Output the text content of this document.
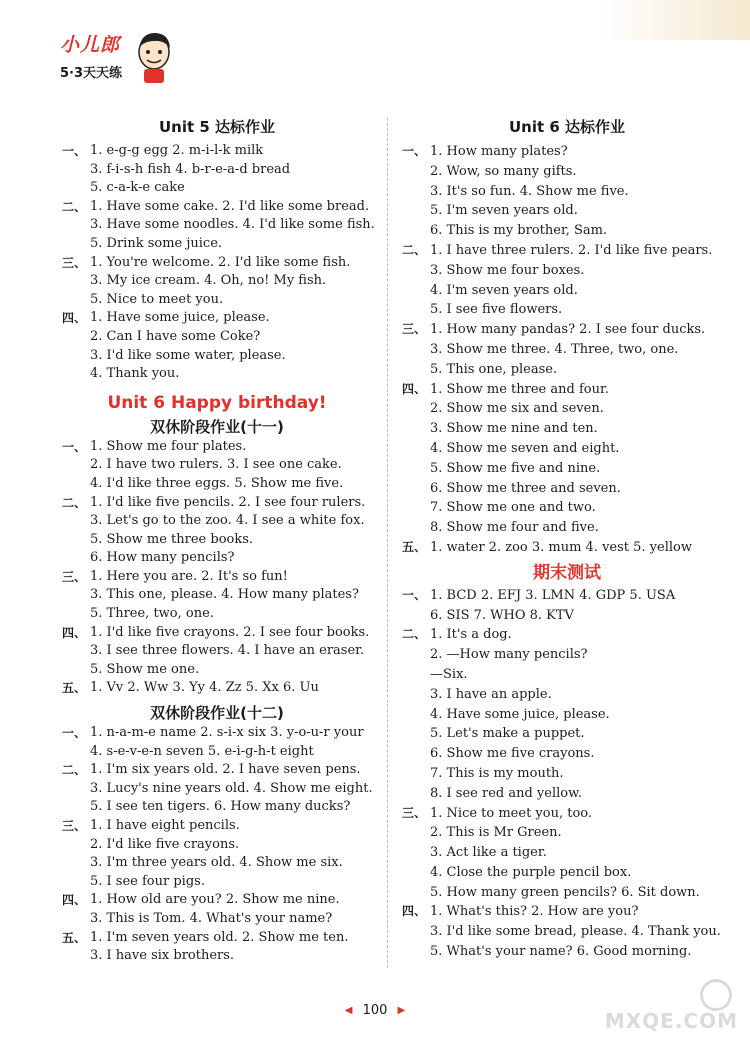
小儿郎
5·3天天练
Unit 5 达标作业
一、 1. e-g-g egg 2. m-i-l-k milk
3. f-i-s-h fish 4. b-r-e-a-d bread
5. c-a-k-e cake
二、 1. Have some cake. 2. I'd like some bread.
3. Have some noodles. 4. I'd like some fish.
5. Drink some juice.
三、 1. You're welcome. 2. I'd like some fish.
3. My ice cream. 4. Oh, no! My fish.
5. Nice to meet you.
四、 1. Have some juice, please.
2. Can I have some Coke?
3. I'd like some water, please.
4. Thank you.
Unit 6 Happy birthday!
双休阶段作业(十一)
一、 1. Show me four plates.
2. I have two rulers. 3. I see one cake.
4. I'd like three eggs. 5. Show me five.
二、 1. I'd like five pencils. 2. I see four rulers.
3. Let's go to the zoo. 4. I see a white fox.
5. Show me three books.
6. How many pencils?
三、 1. Here you are. 2. It's so fun!
3. This one, please. 4. How many plates?
5. Three, two, one.
四、 1. I'd like five crayons. 2. I see four books.
3. I see three flowers. 4. I have an eraser.
5. Show me one.
五、 1. Vv 2. Ww 3. Yy 4. Zz 5. Xx 6. Uu
双休阶段作业(十二)
一、 1. n-a-m-e name 2. s-i-x six 3. y-o-u-r your
4. s-e-v-e-n seven 5. e-i-g-h-t eight
二、 1. I'm six years old. 2. I have seven pens.
3. Lucy's nine years old. 4. Show me eight.
5. I see ten tigers. 6. How many ducks?
三、 1. I have eight pencils.
2. I'd like five crayons.
3. I'm three years old. 4. Show me six.
5. I see four pigs.
四、 1. How old are you? 2. Show me nine.
3. This is Tom. 4. What's your name?
五、 1. I'm seven years old. 2. Show me ten.
3. I have six brothers.
Unit 6 达标作业
一、 1. How many plates?
2. Wow, so many gifts.
3. It's so fun. 4. Show me five.
5. I'm seven years old.
6. This is my brother, Sam.
二、 1. I have three rulers. 2. I'd like five pears.
3. Show me four boxes.
4. I'm seven years old.
5. I see five flowers.
三、 1. How many pandas? 2. I see four ducks.
3. Show me three. 4. Three, two, one.
5. This one, please.
四、 1. Show me three and four.
2. Show me six and seven.
3. Show me nine and ten.
4. Show me seven and eight.
5. Show me five and nine.
6. Show me three and seven.
7. Show me one and two.
8. Show me four and five.
五、 1. water 2. zoo 3. mum 4. vest 5. yellow
期末测试
一、 1. BCD 2. EFJ 3. LMN 4. GDP 5. USA
6. SIS 7. WHO 8. KTV
二、 1. It's a dog.
2. —How many pencils?
—Six.
3. I have an apple.
4. Have some juice, please.
5. Let's make a puppet.
6. Show me five crayons.
7. This is my mouth.
8. I see red and yellow.
三、 1. Nice to meet you, too.
2. This is Mr Green.
3. Act like a tiger.
4. Close the purple pencil box.
5. How many green pencils? 6. Sit down.
四、 1. What's this? 2. How are you?
3. I'd like some bread, please. 4. Thank you.
5. What's your name? 6. Good morning.
◀ 100 ▶	MXQE.COM
